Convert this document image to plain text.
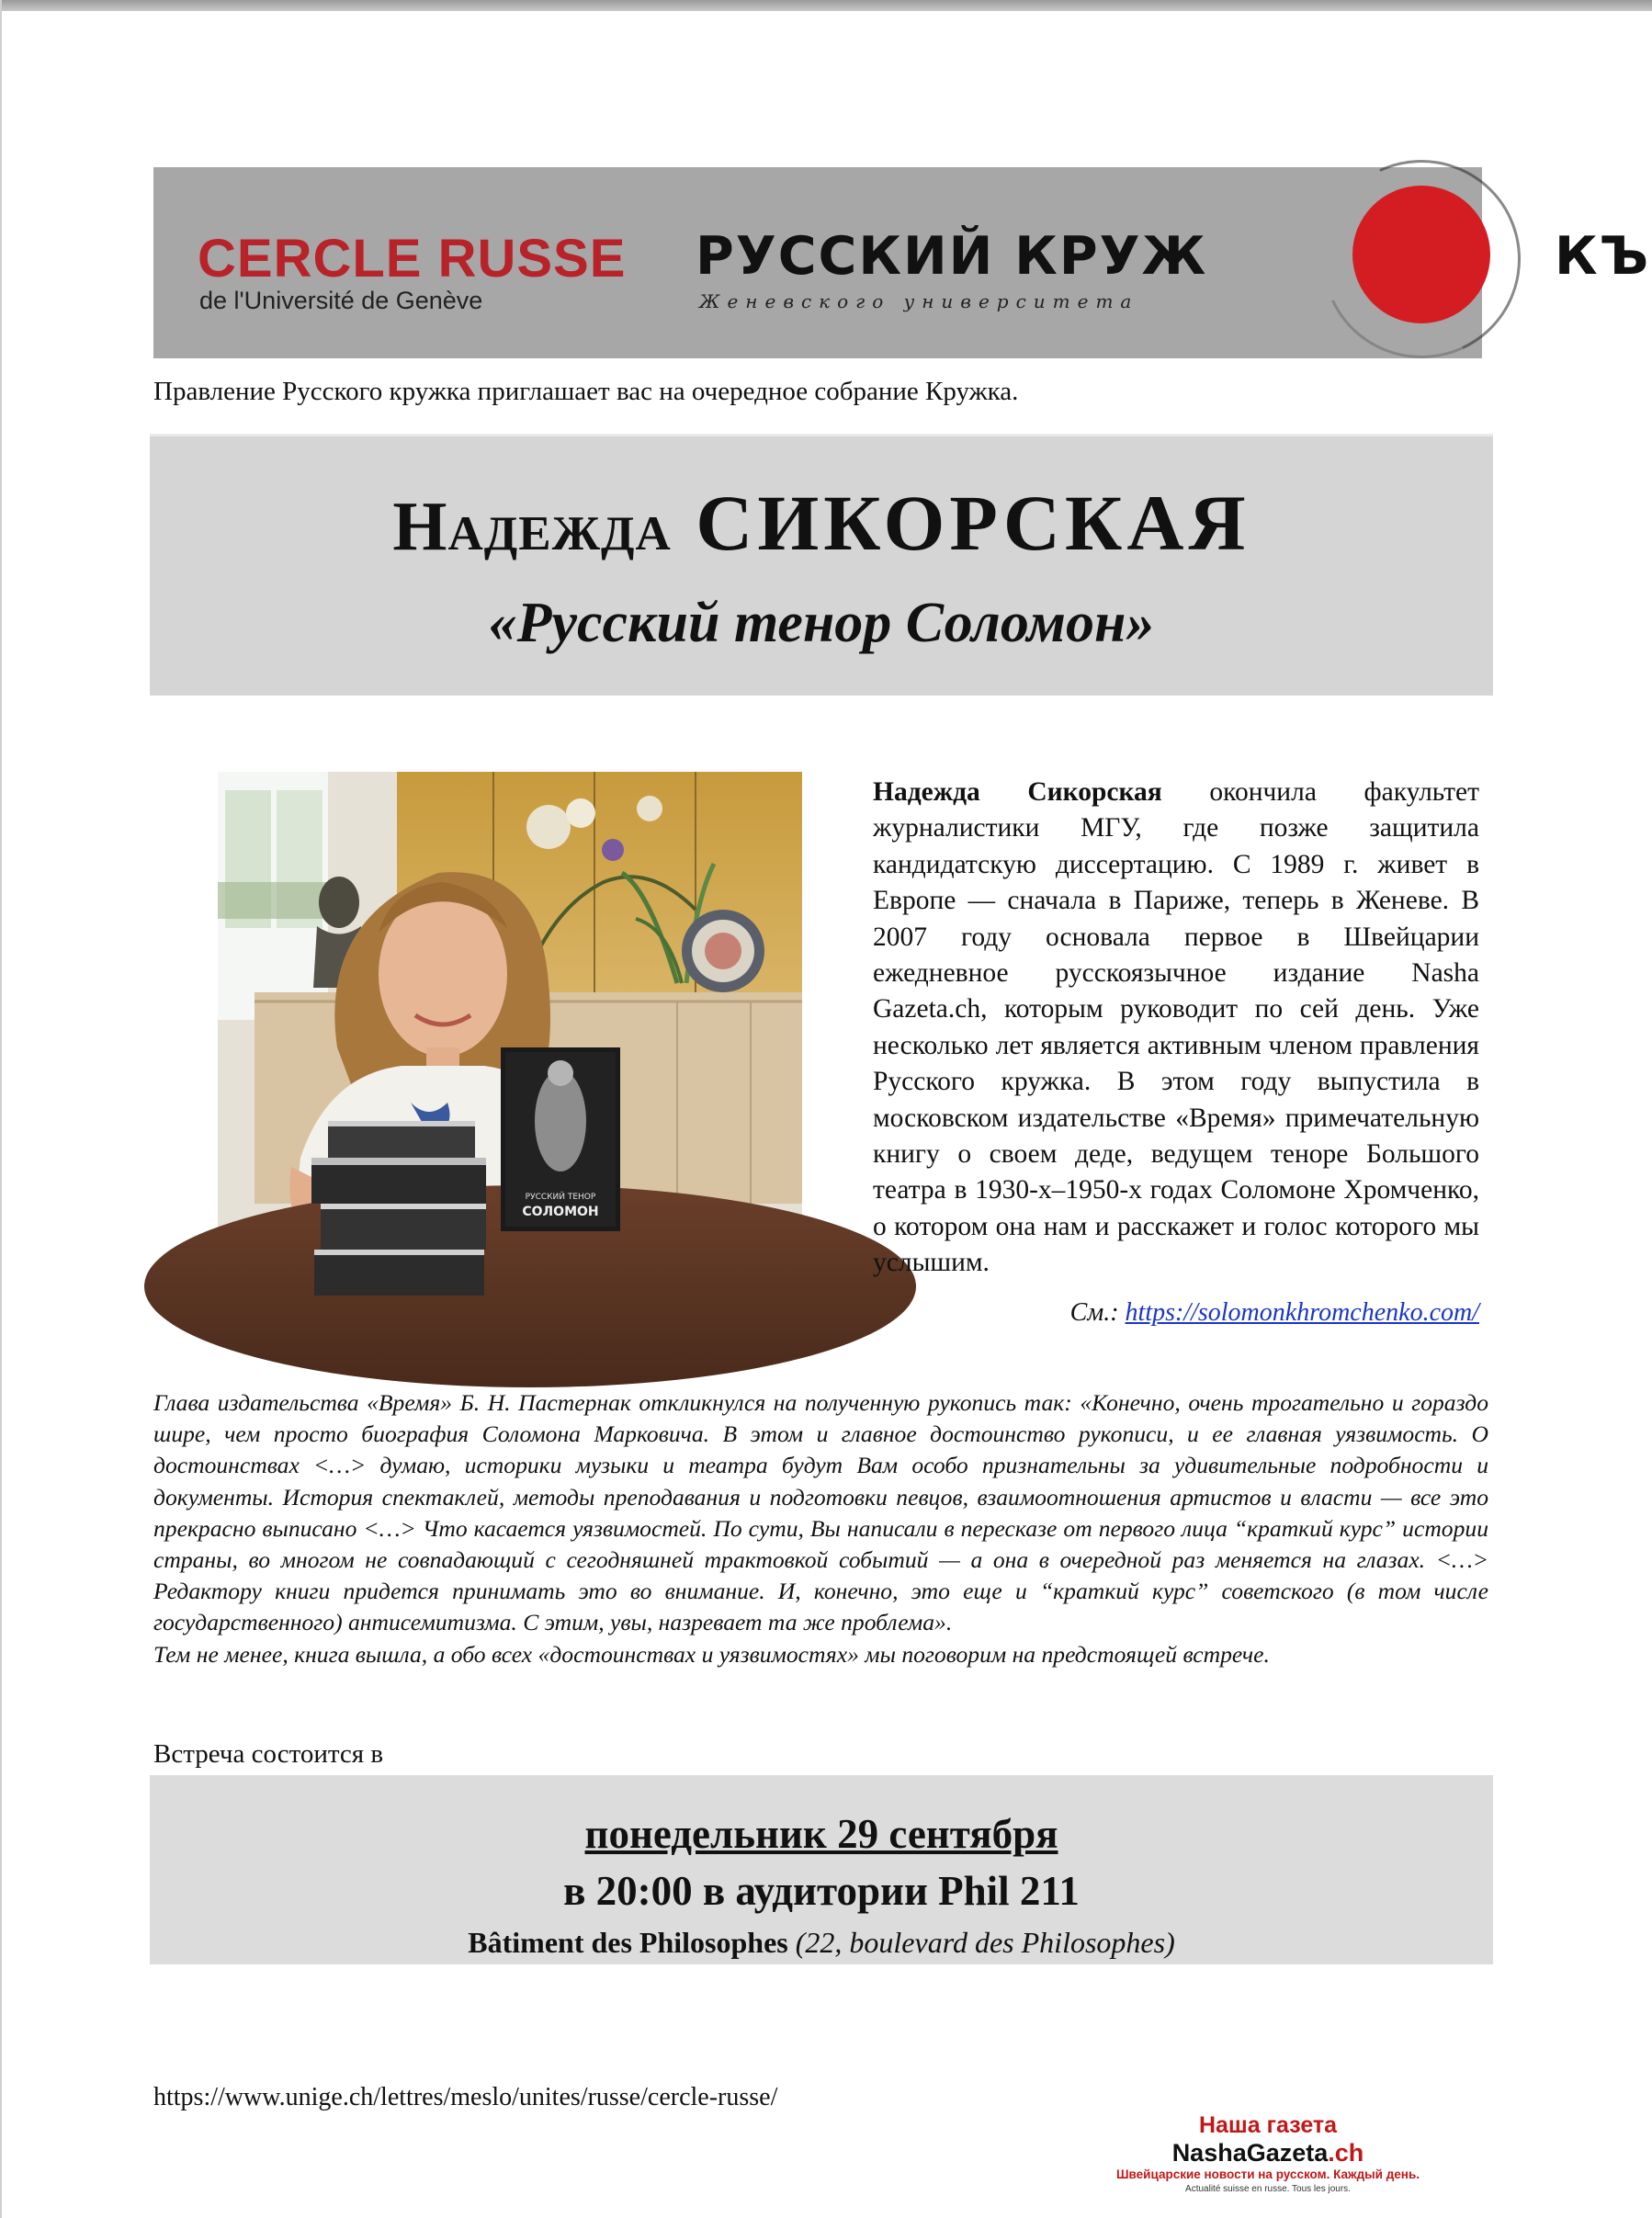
CERCLE RUSSE
de l'Université de Genève
РУССКИЙ КРУЖ	КЪ
Женевского университета
Правление Русского кружка приглашает вас на очередное собрание Кружка.
Надежда СИКОРСКАЯ
«Русский тенор Соломон»
РУССКИЙ ТЕНОР
СОЛОМОН
Надежда Сикорская окончила факультет журналистики МГУ, где позже защитила кандидатскую диссертацию. С 1989 г. живет в Европе — сначала в Париже, теперь в Женеве. В 2007 году основала первое в Швейцарии ежедневное русскоязычное издание Nasha Gazeta.ch, которым руководит по сей день. Уже несколько лет является активным членом правления Русского кружка. В этом году выпустила в московском издательстве «Время» примечательную книгу о своем деде, ведущем теноре Большого театра в 1930-х–1950-х годах Соломоне Хромченко, о котором она нам и расскажет и голос которого мы услышим.
См.: https://solomonkhromchenko.com/

Глава издательства «Время» Б. Н. Пастернак откликнулся на полученную рукопись так: «Конечно, очень трогательно и гораздо шире, чем просто биография Соломона Марковича. В этом и главное достоинство рукописи, и ее главная уязвимость. О достоинствах <…> думаю, историки музыки и театра будут Вам особо признательны за удивительные подробности и документы. История спектаклей, методы преподавания и подготовки певцов, взаимоотношения артистов и власти — все это прекрасно выписано <…> Что касается уязвимостей. По сути, Вы написали в пересказе от первого лица “краткий курс” истории страны, во многом не совпадающий с сегодняшней трактовкой событий — а она в очередной раз меняется на глазах. <…> Редактору книги придется принимать это во внимание. И, конечно, это еще и “краткий курс” советского (в том числе государственного) антисемитизма. С этим, увы, назревает та же проблема».

Тем не менее, книга вышла, а обо всех «достоинствах и уязвимостях» мы поговорим на предстоящей встрече.

Встреча состоится в
понедельник 29 сентября
в 20:00 в аудитории Phil 211
Bâtiment des Philosophes (22, boulevard des Philosophes)
https://www.unige.ch/lettres/meslo/unites/russe/cercle-russe/
Наша газета
NashaGazeta.ch
Швейцарские новости на русском. Каждый день.
Actualité suisse en russe. Tous les jours.
